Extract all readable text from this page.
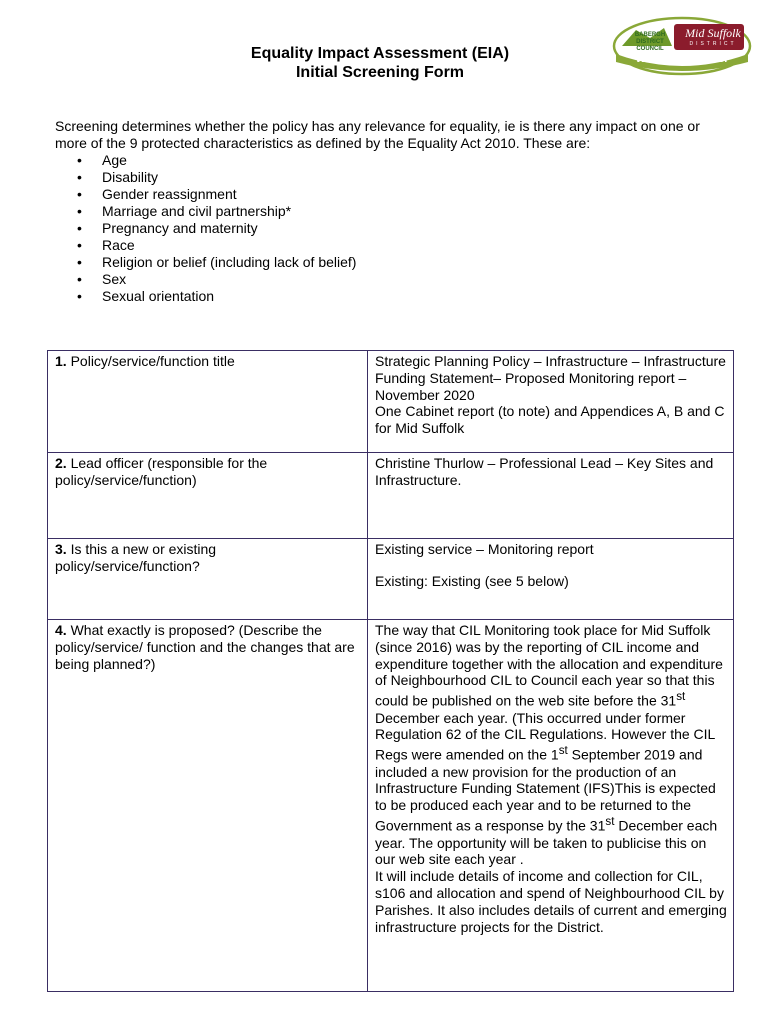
Equality Impact Assessment (EIA)
Initial Screening Form
BABERGH DISTRICT COUNCIL
Mid Suffolk
DISTRICT
Working Together
Screening determines whether the policy has any relevance for equality, ie is there any impact on one or more of the 9 protected characteristics as defined by the Equality Act 2010. These are:
• Age
• Disability
• Gender reassignment
• Marriage and civil partnership*
• Pregnancy and maternity
• Race
• Religion or belief (including lack of belief)
• Sex
• Sexual orientation
1. Policy/service/function title	Strategic Planning Policy – Infrastructure – Infrastructure Funding Statement– Proposed Monitoring report – November 2020
One Cabinet report (to note) and Appendices A, B and C for Mid Suffolk

2. Lead officer (responsible for the policy/service/function)	Christine Thurlow – Professional Lead – Key Sites and Infrastructure.

3. Is this a new or existing policy/service/function?	Existing service – Monitoring report
Existing: Existing (see 5 below)

4. What exactly is proposed? (Describe the policy/service/ function and the changes that are being planned?)	The way that CIL Monitoring took place for Mid Suffolk (since 2016) was by the reporting of CIL income and expenditure together with the allocation and expenditure of Neighbourhood CIL to Council each year so that this could be published on the web site before the 31st December each year. (This occurred under former Regulation 62 of the CIL Regulations. However the CIL Regs were amended on the 1st September 2019 and included a new provision for the production of an Infrastructure Funding Statement (IFS)This is expected to be produced each year and to be returned to the Government as a response by the 31st December each year. The opportunity will be taken to publicise this on our web site each year .
It will include details of income and collection for CIL, s106 and allocation and spend of Neighbourhood CIL by Parishes. It also includes details of current and emerging infrastructure projects for the District.
